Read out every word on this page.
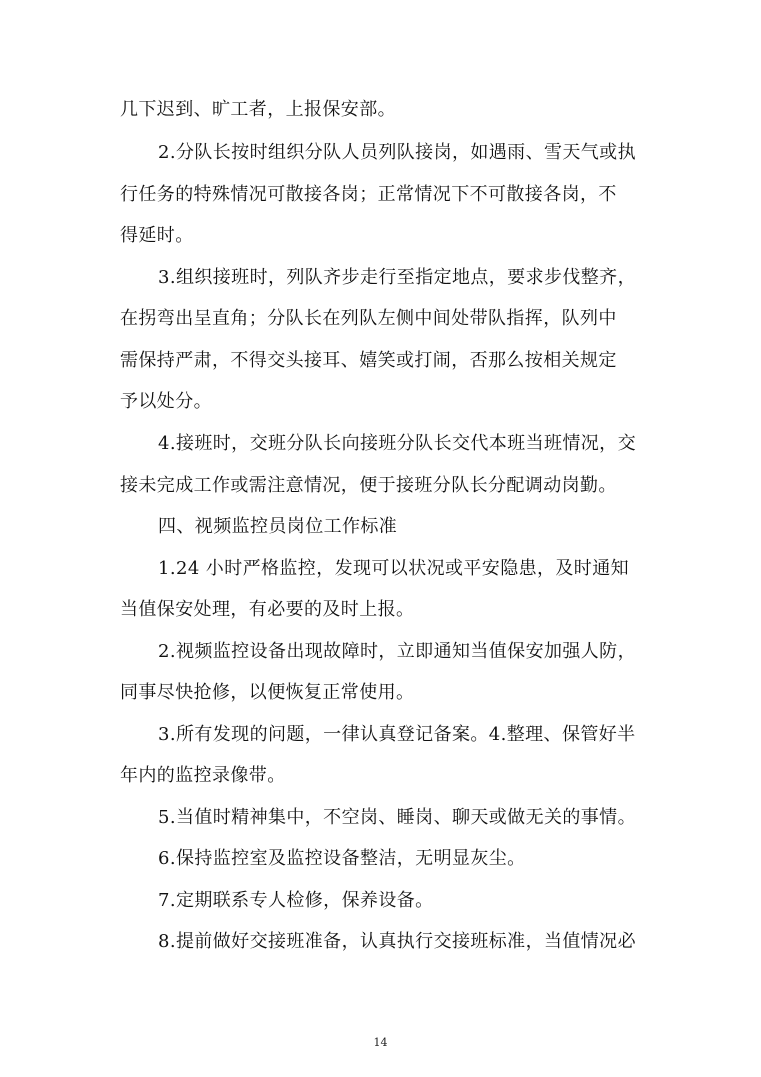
几下迟到、旷工者，上报保安部。
2.分队长按时组织分队人员列队接岗，如遇雨、雪天气或执
行任务的特殊情况可散接各岗；正常情况下不可散接各岗，不
得延时。
3.组织接班时，列队齐步走行至指定地点，要求步伐整齐，
在拐弯出呈直角；分队长在列队左侧中间处带队指挥，队列中
需保持严肃，不得交头接耳、嬉笑或打闹，否那么按相关规定
予以处分。
4.接班时，交班分队长向接班分队长交代本班当班情况，交
接未完成工作或需注意情况，便于接班分队长分配调动岗勤。
四、视频监控员岗位工作标准
1.24 小时严格监控，发现可以状况或平安隐患，及时通知
当值保安处理，有必要的及时上报。
2.视频监控设备出现故障时，立即通知当值保安加强人防，
同事尽快抢修，以便恢复正常使用。
3.所有发现的问题，一律认真登记备案。4.整理、保管好半
年内的监控录像带。
5.当值时精神集中，不空岗、睡岗、聊天或做无关的事情。
6.保持监控室及监控设备整洁，无明显灰尘。
7.定期联系专人检修，保养设备。
8.提前做好交接班准备，认真执行交接班标准，当值情况必
14
